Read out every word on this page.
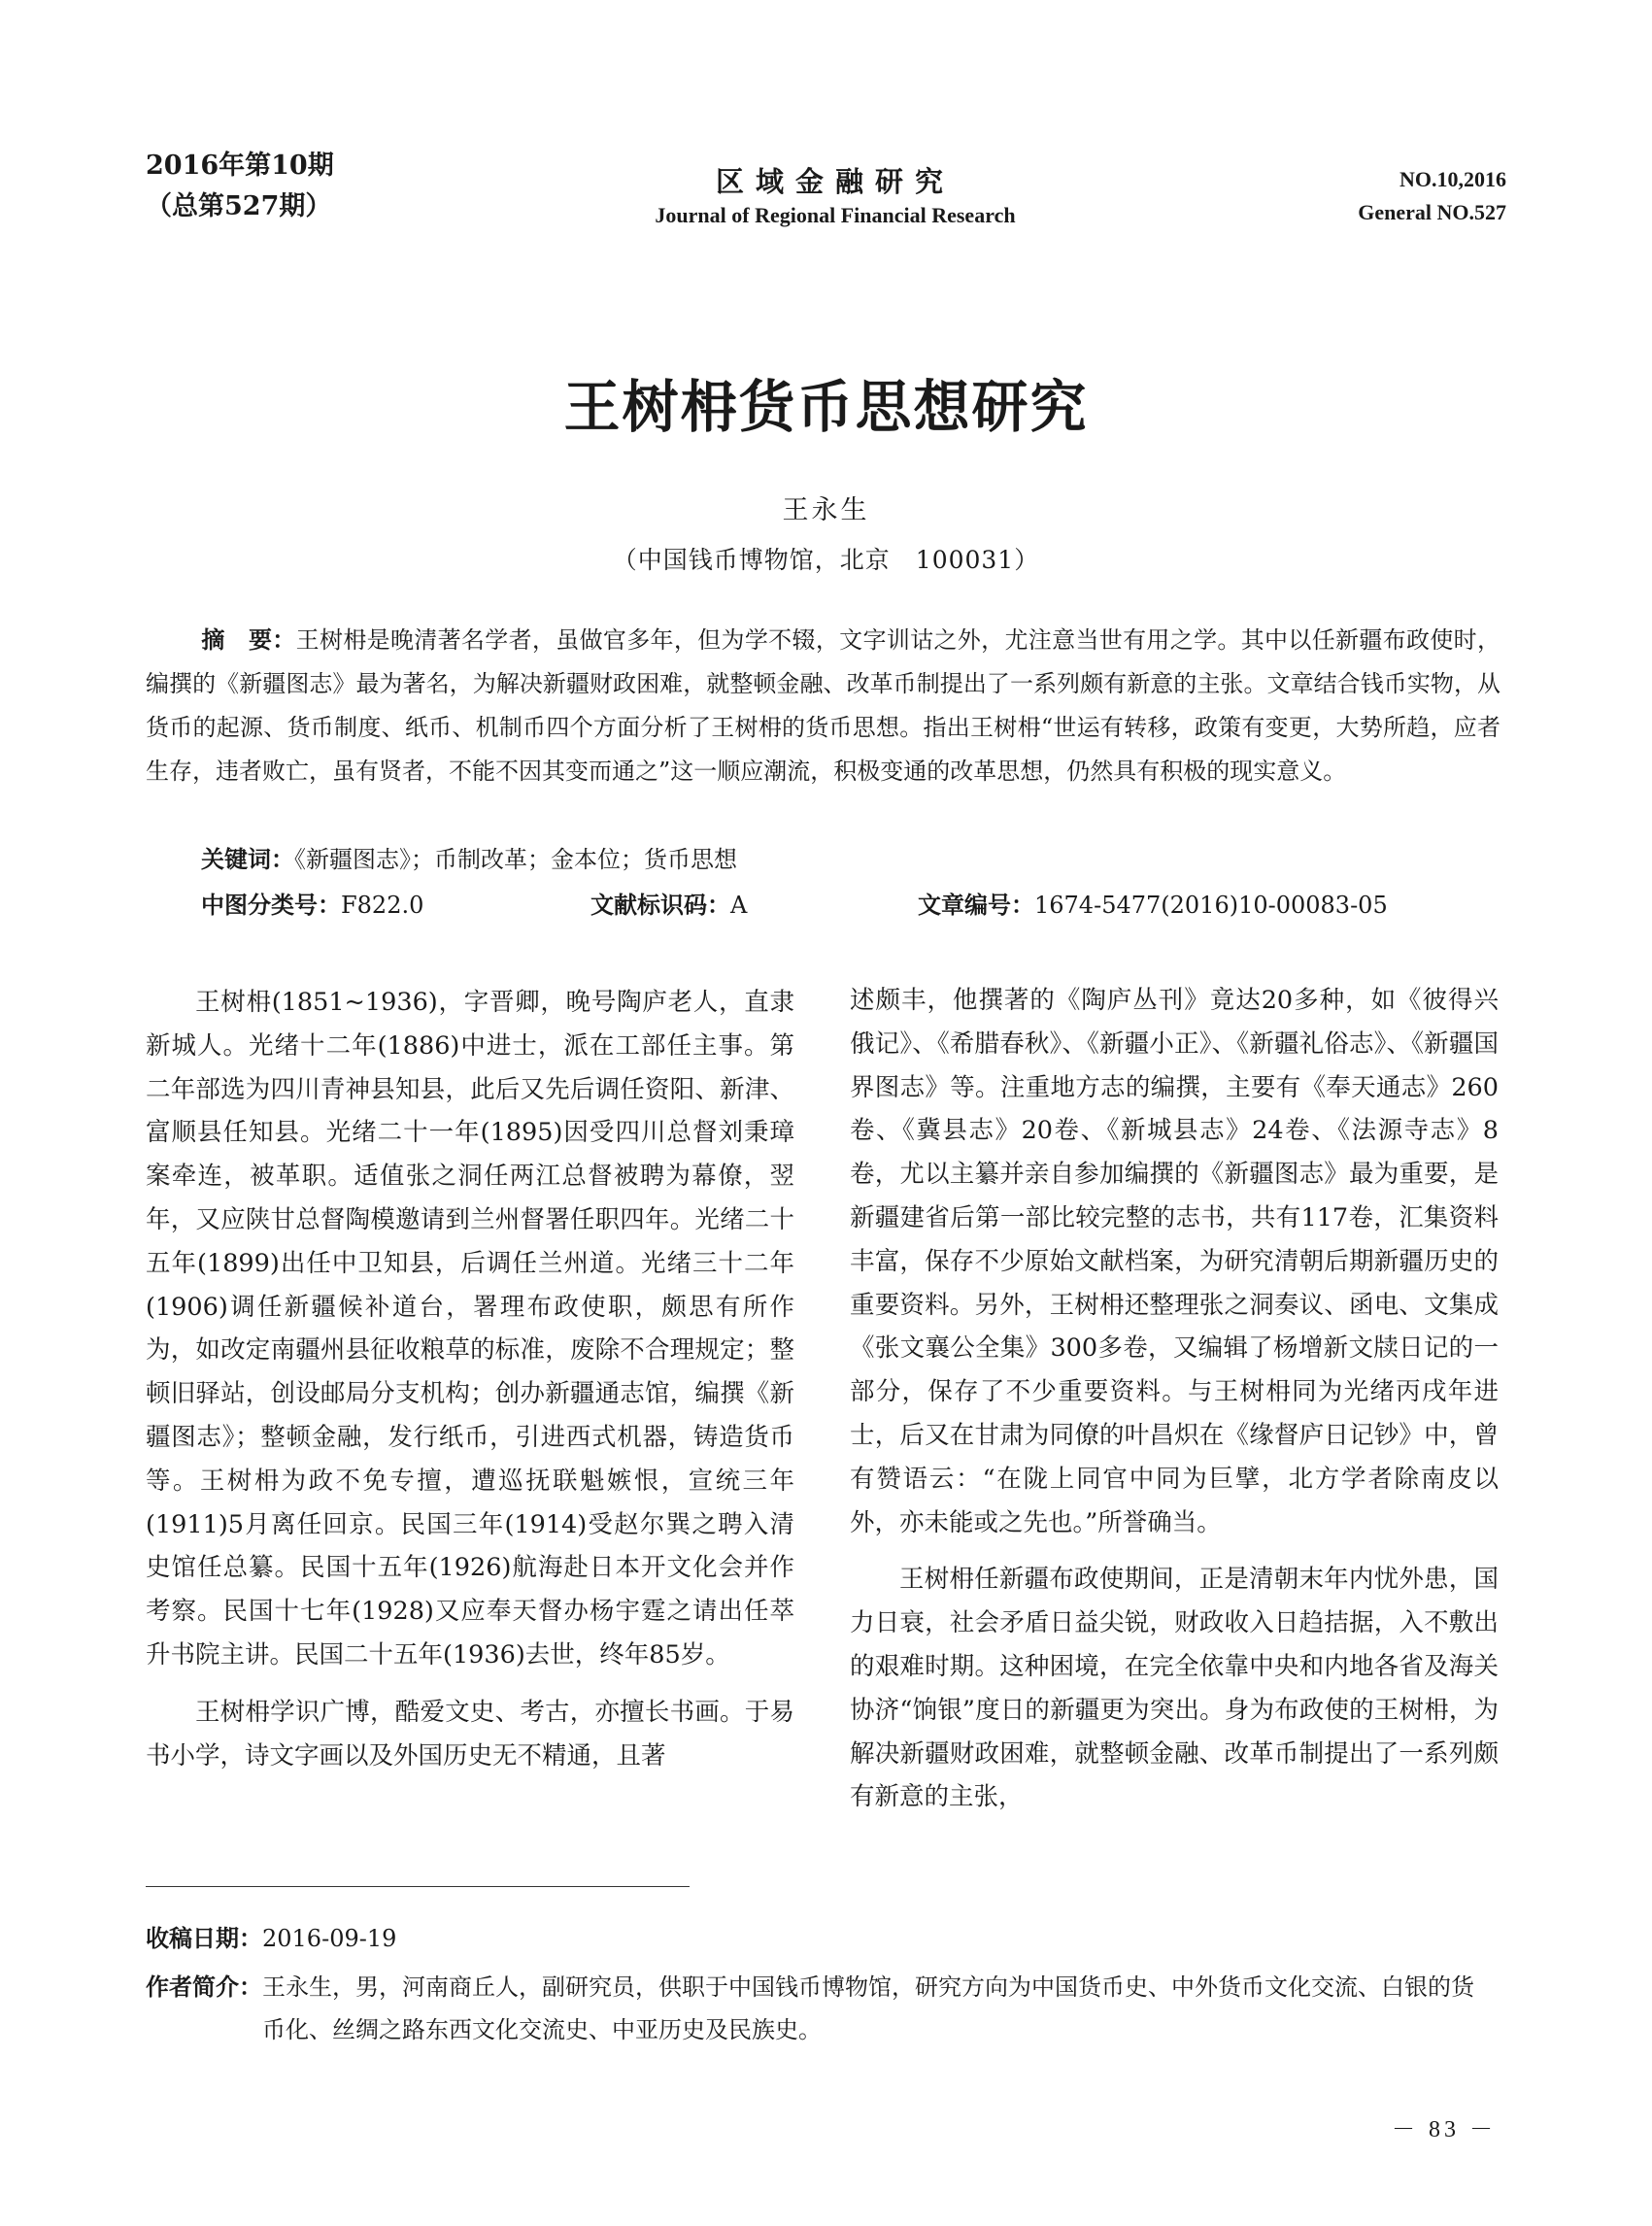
2016年第10期
（总第527期）
区域金融研究
Journal of Regional Financial Research
NO.10,2016
General NO.527
王树枏货币思想研究
王永生
（中国钱币博物馆，北京　100031）
摘　要：王树枏是晚清著名学者，虽做官多年，但为学不辍，文字训诂之外，尤注意当世有用之学。其中以任新疆布政使时，编撰的《新疆图志》最为著名，为解决新疆财政困难，就整顿金融、改革币制提出了一系列颇有新意的主张。文章结合钱币实物，从货币的起源、货币制度、纸币、机制币四个方面分析了王树枏的货币思想。指出王树枏“世运有转移，政策有变更，大势所趋，应者生存，违者败亡，虽有贤者，不能不因其变而通之”这一顺应潮流，积极变通的改革思想，仍然具有积极的现实意义。
关键词：《新疆图志》；币制改革；金本位；货币思想
中图分类号：F822.0	文献标识码：A	文章编号：1674-5477(2016)10-00083-05

王树枏(1851~1936)，字晋卿，晚号陶庐老人，直隶新城人。光绪十二年(1886)中进士，派在工部任主事。第二年部选为四川青神县知县，此后又先后调任资阳、新津、富顺县任知县。光绪二十一年(1895)因受四川总督刘秉璋案牵连，被革职。适值张之洞任两江总督被聘为幕僚，翌年，又应陕甘总督陶模邀请到兰州督署任职四年。光绪二十五年(1899)出任中卫知县，后调任兰州道。光绪三十二年(1906)调任新疆候补道台，署理布政使职，颇思有所作为，如改定南疆州县征收粮草的标准，废除不合理规定；整顿旧驿站，创设邮局分支机构；创办新疆通志馆，编撰《新疆图志》；整顿金融，发行纸币，引进西式机器，铸造货币等。王树枏为政不免专擅，遭巡抚联魁嫉恨，宣统三年(1911)5月离任回京。民国三年(1914)受赵尔巽之聘入清史馆任总纂。民国十五年(1926)航海赴日本开文化会并作考察。民国十七年(1928)又应奉天督办杨宇霆之请出任萃升书院主讲。民国二十五年(1936)去世，终年85岁。

王树枏学识广博，酷爱文史、考古，亦擅长书画。于易书小学，诗文字画以及外国历史无不精通，且著

述颇丰，他撰著的《陶庐丛刊》竟达20多种，如《彼得兴俄记》、《希腊春秋》、《新疆小正》、《新疆礼俗志》、《新疆国界图志》等。注重地方志的编撰，主要有《奉天通志》260卷、《冀县志》20卷、《新城县志》24卷、《法源寺志》8卷，尤以主纂并亲自参加编撰的《新疆图志》最为重要，是新疆建省后第一部比较完整的志书，共有117卷，汇集资料丰富，保存不少原始文献档案，为研究清朝后期新疆历史的重要资料。另外，王树枏还整理张之洞奏议、函电、文集成《张文襄公全集》300多卷，又编辑了杨增新文牍日记的一部分，保存了不少重要资料。与王树枏同为光绪丙戌年进士，后又在甘肃为同僚的叶昌炽在《缘督庐日记钞》中，曾有赞语云：“在陇上同官中同为巨擘，北方学者除南皮以外，亦未能或之先也。”所誉确当。

王树枏任新疆布政使期间，正是清朝末年内忧外患，国力日衰，社会矛盾日益尖锐，财政收入日趋拮据，入不敷出的艰难时期。这种困境，在完全依靠中央和内地各省及海关协济“饷银”度日的新疆更为突出。身为布政使的王树枏，为解决新疆财政困难，就整顿金融、改革币制提出了一系列颇有新意的主张，

收稿日期：2016-09-19
作者简介： 王永生，男，河南商丘人，副研究员，供职于中国钱币博物馆，研究方向为中国货币史、中外货币文化交流、白银的货币化、丝绸之路东西文化交流史、中亚历史及民族史。
－ 83 －
